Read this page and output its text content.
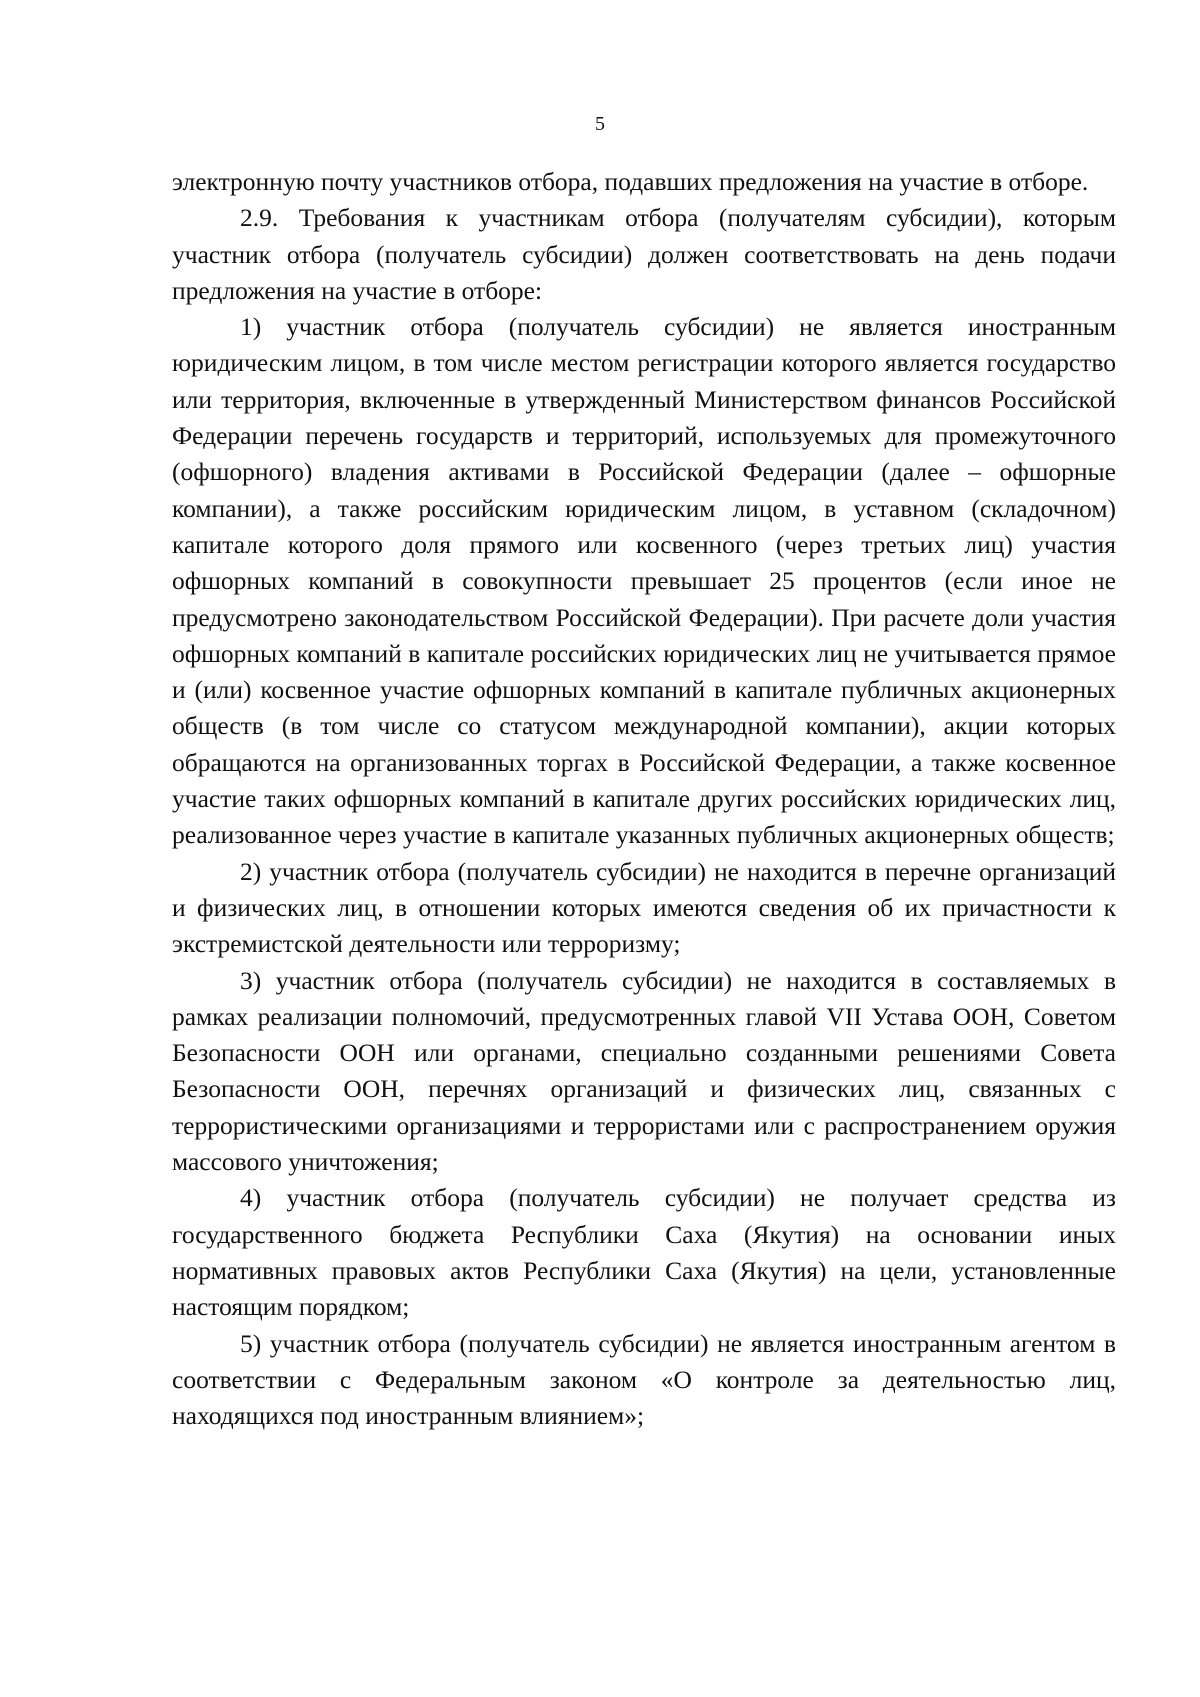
5

электронную почту участников отбора, подавших предложения на участие в отборе.

2.9. Требования к участникам отбора (получателям субсидии), которым участник отбора (получатель субсидии) должен соответствовать на день подачи предложения на участие в отборе:

1) участник отбора (получатель субсидии) не является иностранным юридическим лицом, в том числе местом регистрации которого является государство или территория, включенные в утвержденный Министерством финансов Российской Федерации перечень государств и территорий, используемых для промежуточного (офшорного) владения активами в Российской Федерации (далее – офшорные компании), а также российским юридическим лицом, в уставном (складочном) капитале которого доля прямого или косвенного (через третьих лиц) участия офшорных компаний в совокупности превышает 25 процентов (если иное не предусмотрено законодательством Российской Федерации). При расчете доли участия офшорных компаний в капитале российских юридических лиц не учитывается прямое и (или) косвенное участие офшорных компаний в капитале публичных акционерных обществ (в том числе со статусом международной компании), акции которых обращаются на организованных торгах в Российской Федерации, а также косвенное участие таких офшорных компаний в капитале других российских юридических лиц, реализованное через участие в капитале указанных публичных акционерных обществ;

2) участник отбора (получатель субсидии) не находится в перечне организаций и физических лиц, в отношении которых имеются сведения об их причастности к экстремистской деятельности или терроризму;

3) участник отбора (получатель субсидии) не находится в составляемых в рамках реализации полномочий, предусмотренных главой VII Устава ООН, Советом Безопасности ООН или органами, специально созданными решениями Совета Безопасности ООН, перечнях организаций и физических лиц, связанных с террористическими организациями и террористами или с распространением оружия массового уничтожения;

4) участник отбора (получатель субсидии) не получает средства из государственного бюджета Республики Саха (Якутия) на основании иных нормативных правовых актов Республики Саха (Якутия) на цели, установленные настоящим порядком;

5) участник отбора (получатель субсидии) не является иностранным агентом в соответствии с Федеральным законом «О контроле за деятельностью лиц, находящихся под иностранным влиянием»;
